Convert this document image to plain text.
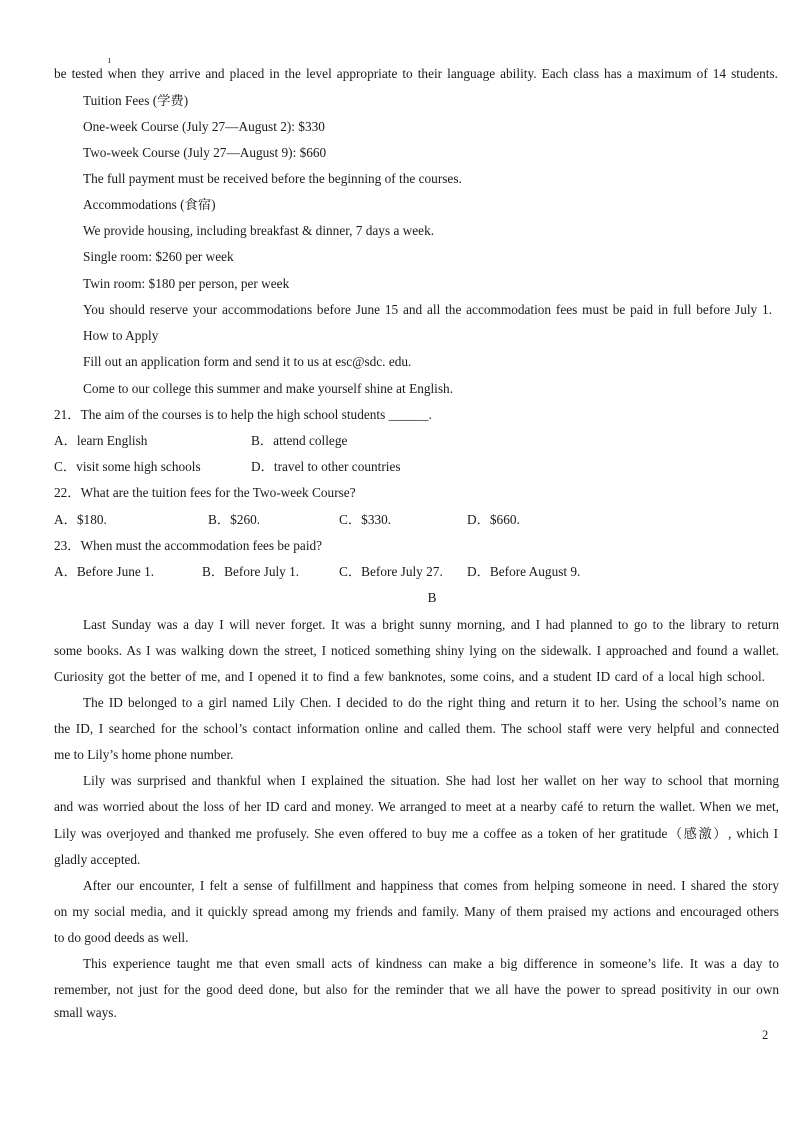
ı
be tested when they arrive and placed in the level appropriate to their language ability. Each class has a maximum of 14 students.
Tuition Fees (学费)
One-week Course (July 27—August 2): $330
Two-week Course (July 27—August 9): $660
The full payment must be received before the beginning of the courses.
Accommodations (食宿)
We provide housing, including breakfast & dinner, 7 days a week.
Single room: $260 per week
Twin room: $180 per person, per week
You should reserve your accommodations before June 15 and all the accommodation fees must be paid in full before July 1.
How to Apply
Fill out an application form and send it to us at esc@sdc. edu.
Come to our college this summer and make yourself shine at English.
21．The aim of the courses is to help the high school students ______.
A．learn English	B．attend college
C．visit some high schools	D．travel to other countries
22．What are the tuition fees for the Two-week Course?
A．$180.	B．$260.	C．$330.	D．$660.
23．When must the accommodation fees be paid?
A．Before June 1.	B．Before July 1.	C．Before July 27. D．Before August 9.
B
Last Sunday was a day I will never forget. It was a bright sunny morning, and I had planned to go to the library to return
some books. As I was walking down the street, I noticed something shiny lying on the sidewalk. I approached and found a wallet.
Curiosity got the better of me, and I opened it to find a few banknotes, some coins, and a student ID card of a local high school.
The ID belonged to a girl named Lily Chen. I decided to do the right thing and return it to her. Using the school’s name on
the ID, I searched for the school’s contact information online and called them. The school staff were very helpful and connected
me to Lily’s home phone number.
Lily was surprised and thankful when I explained the situation. She had lost her wallet on her way to school that morning
and was worried about the loss of her ID card and money. We arranged to meet at a nearby café to return the wallet. When we met,
Lily was overjoyed and thanked me profusely. She even offered to buy me a coffee as a token of her gratitude（感激）, which I
gladly accepted.
After our encounter, I felt a sense of fulfillment and happiness that comes from helping someone in need. I shared the story
on my social media, and it quickly spread among my friends and family. Many of them praised my actions and encouraged others
to do good deeds as well.
This experience taught me that even small acts of kindness can make a big difference in someone’s life. It was a day to
remember, not just for the good deed done, but also for the reminder that we all have the power to spread positivity in our own
small ways.
2
